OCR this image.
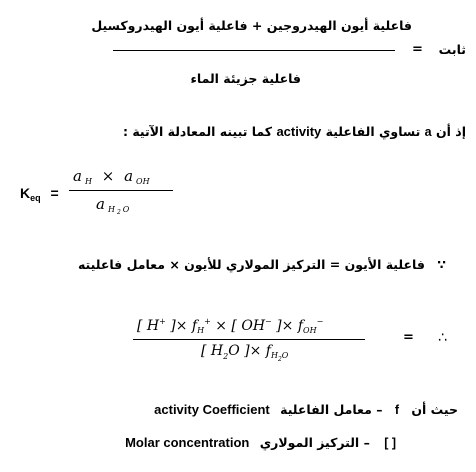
فاعلية أيون الهيدروجين + فاعلية أيون الهيدروكسيل
ثابت
=
فاعلية جزيئة الماء
إذ أن a تساوي الفاعلية activity كما تبينه المعادلة الآتية :
$K_{eq}$ =
a $_H$ × a $_{OH}$
a $_H$ $_2$ $_O$
∵ فاعلية الأيون = التركيز المولاري للأيون × معامل فاعليته
[ H+ ]× $f_H^+$ × [ OH− ]× $f_{OH}^-$
= ∴
[ $H_2O$ ]× $f_{H2O}$
حيث أن f – معامل الفاعلية activity Coefficient
[ ] – التركيز المولاري Molar concentration
